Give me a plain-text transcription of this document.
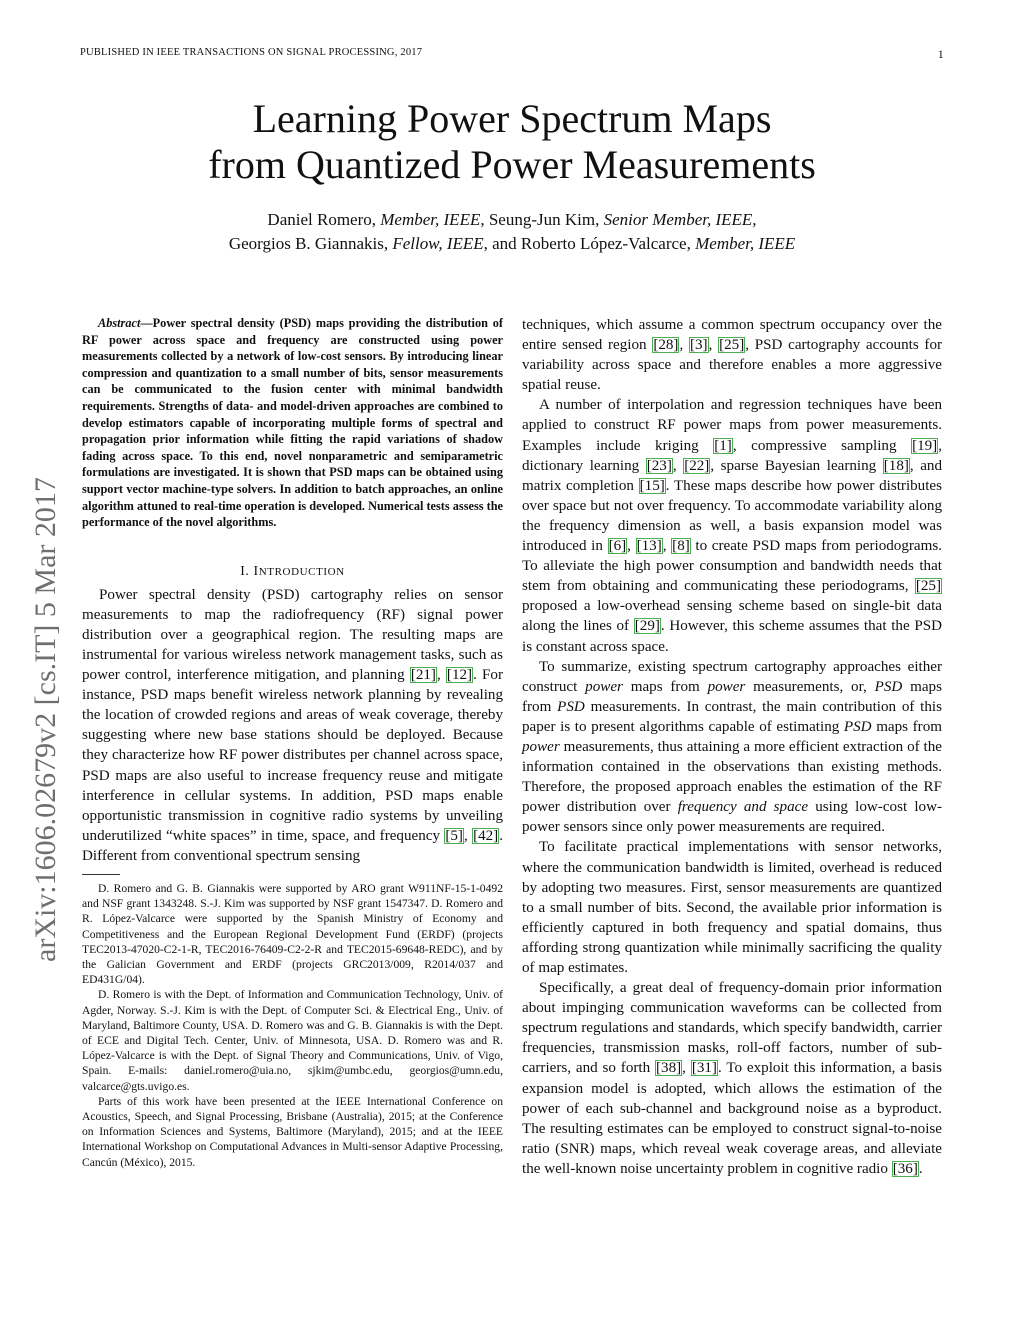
PUBLISHED IN IEEE TRANSACTIONS ON SIGNAL PROCESSING, 2017	1
arXiv:1606.02679v2 [cs.IT] 5 Mar 2017
Learning Power Spectrum Maps
from Quantized Power Measurements
Daniel Romero, Member, IEEE, Seung-Jun Kim, Senior Member, IEEE,
Georgios B. Giannakis, Fellow, IEEE, and Roberto López-Valcarce, Member, IEEE

Abstract—Power spectral density (PSD) maps providing the distribution of RF power across space and frequency are constructed using power measurements collected by a network of low-cost sensors. By introducing linear compression and quantization to a small number of bits, sensor measurements can be communicated to the fusion center with minimal bandwidth requirements. Strengths of data- and model-driven approaches are combined to develop estimators capable of incorporating multiple forms of spectral and propagation prior information while fitting the rapid variations of shadow fading across space. To this end, novel nonparametric and semiparametric formulations are investigated. It is shown that PSD maps can be obtained using support vector machine-type solvers. In addition to batch approaches, an online algorithm attuned to real-time operation is developed. Numerical tests assess the performance of the novel algorithms.

I. INTRODUCTION

Power spectral density (PSD) cartography relies on sensor measurements to map the radiofrequency (RF) signal power distribution over a geographical region. The resulting maps are instrumental for various wireless network management tasks, such as power control, interference mitigation, and planning [21], [12]. For instance, PSD maps benefit wireless network planning by revealing the location of crowded regions and areas of weak coverage, thereby suggesting where new base stations should be deployed. Because they characterize how RF power distributes per channel across space, PSD maps are also useful to increase frequency reuse and mitigate interference in cellular systems. In addition, PSD maps enable opportunistic transmission in cognitive radio systems by unveiling underutilized “white spaces” in time, space, and frequency [5], [42]. Different from conventional spectrum sensing

D. Romero and G. B. Giannakis were supported by ARO grant W911NF-15-1-0492 and NSF grant 1343248. S.-J. Kim was supported by NSF grant 1547347. D. Romero and R. López-Valcarce were supported by the Spanish Ministry of Economy and Competitiveness and the European Regional Development Fund (ERDF) (projects TEC2013-47020-C2-1-R, TEC2016-76409-C2-2-R and TEC2015-69648-REDC), and by the Galician Government and ERDF (projects GRC2013/009, R2014/037 and ED431G/04).

D. Romero is with the Dept. of Information and Communication Technology, Univ. of Agder, Norway. S.-J. Kim is with the Dept. of Computer Sci. & Electrical Eng., Univ. of Maryland, Baltimore County, USA. D. Romero was and G. B. Giannakis is with the Dept. of ECE and Digital Tech. Center, Univ. of Minnesota, USA. D. Romero was and R. López-Valcarce is with the Dept. of Signal Theory and Communications, Univ. of Vigo, Spain. E-mails: daniel.romero@uia.no, sjkim@umbc.edu, georgios@umn.edu, valcarce@gts.uvigo.es.

Parts of this work have been presented at the IEEE International Conference on Acoustics, Speech, and Signal Processing, Brisbane (Australia), 2015; at the Conference on Information Sciences and Systems, Baltimore (Maryland), 2015; and at the IEEE International Workshop on Computational Advances in Multi-sensor Adaptive Processing, Cancún (México), 2015.

techniques, which assume a common spectrum occupancy over the entire sensed region [28], [3], [25], PSD cartography accounts for variability across space and therefore enables a more aggressive spatial reuse.

A number of interpolation and regression techniques have been applied to construct RF power maps from power measurements. Examples include kriging [1], compressive sampling [19], dictionary learning [23], [22], sparse Bayesian learning [18], and matrix completion [15]. These maps describe how power distributes over space but not over frequency. To accommodate variability along the frequency dimension as well, a basis expansion model was introduced in [6], [13], [8] to create PSD maps from periodograms. To alleviate the high power consumption and bandwidth needs that stem from obtaining and communicating these periodograms, [25] proposed a low-overhead sensing scheme based on single-bit data along the lines of [29]. However, this scheme assumes that the PSD is constant across space.

To summarize, existing spectrum cartography approaches either construct power maps from power measurements, or, PSD maps from PSD measurements. In contrast, the main contribution of this paper is to present algorithms capable of estimating PSD maps from power measurements, thus attaining a more efficient extraction of the information contained in the observations than existing methods. Therefore, the proposed approach enables the estimation of the RF power distribution over frequency and space using low-cost low-power sensors since only power measurements are required.

To facilitate practical implementations with sensor networks, where the communication bandwidth is limited, overhead is reduced by adopting two measures. First, sensor measurements are quantized to a small number of bits. Second, the available prior information is efficiently captured in both frequency and spatial domains, thus affording strong quantization while minimally sacrificing the quality of map estimates.

Specifically, a great deal of frequency-domain prior information about impinging communication waveforms can be collected from spectrum regulations and standards, which specify bandwidth, carrier frequencies, transmission masks, roll-off factors, number of sub-carriers, and so forth [38], [31]. To exploit this information, a basis expansion model is adopted, which allows the estimation of the power of each sub-channel and background noise as a byproduct. The resulting estimates can be employed to construct signal-to-noise ratio (SNR) maps, which reveal weak coverage areas, and alleviate the well-known noise uncertainty problem in cognitive radio [36].
